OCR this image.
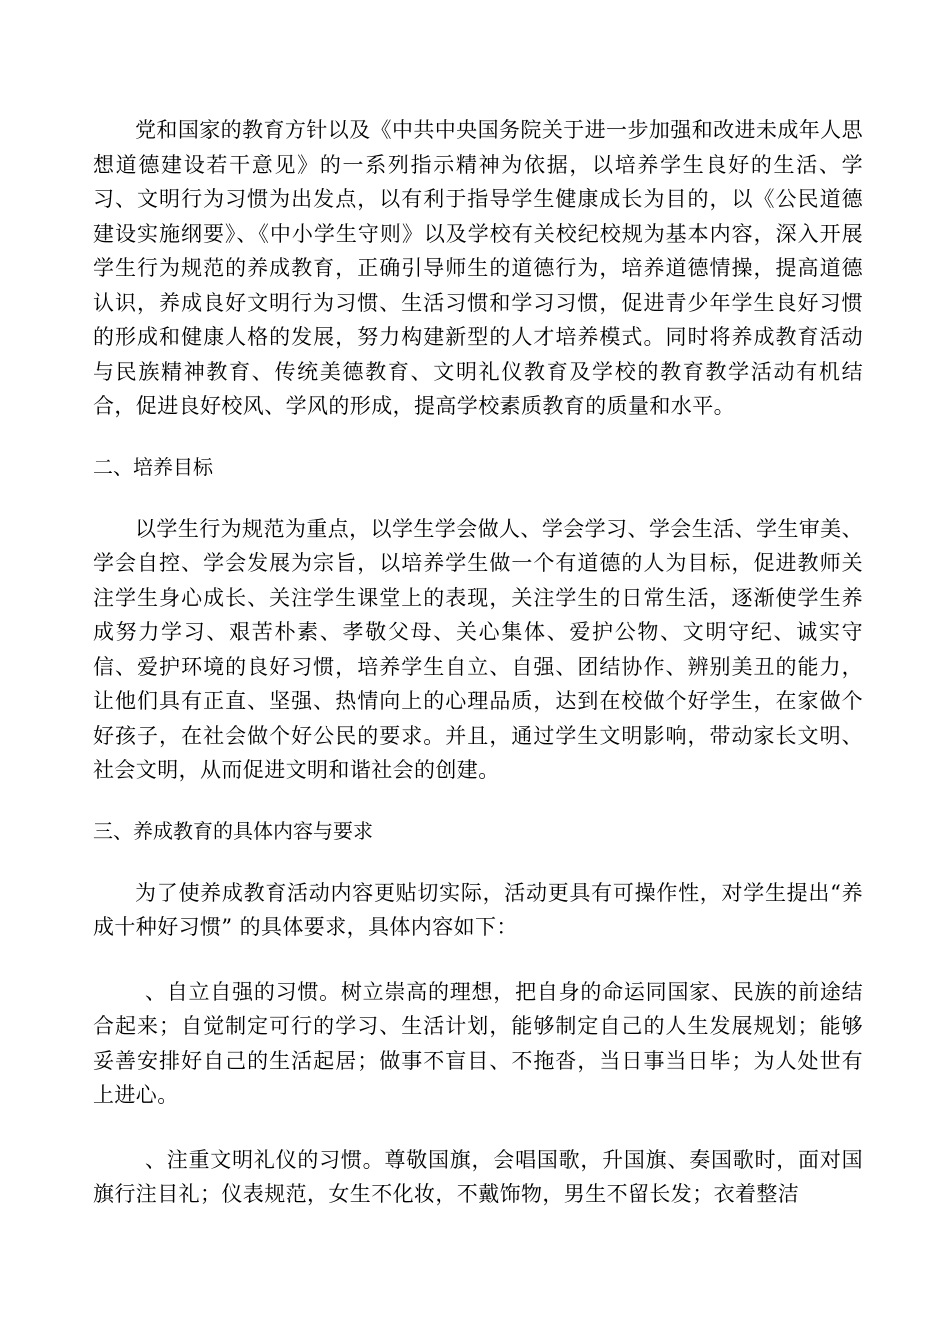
党和国家的教育方针以及《中共中央国务院关于进一步加强和改进未成年人思想道德建设若干意见》的一系列指示精神为依据，以培养学生良好的生活、学习、文明行为习惯为出发点，以有利于指导学生健康成长为目的，以《公民道德建设实施纲要》、《中小学生守则》以及学校有关校纪校规为基本内容，深入开展学生行为规范的养成教育，正确引导师生的道德行为，培养道德情操，提高道德认识，养成良好文明行为习惯、生活习惯和学习习惯，促进青少年学生良好习惯的形成和健康人格的发展，努力构建新型的人才培养模式。同时将养成教育活动与民族精神教育、传统美德教育、文明礼仪教育及学校的教育教学活动有机结合，促进良好校风、学风的形成，提高学校素质教育的质量和水平。

二、培养目标

以学生行为规范为重点，以学生学会做人、学会学习、学会生活、学生审美、学会自控、学会发展为宗旨，以培养学生做一个有道德的人为目标，促进教师关注学生身心成长、关注学生课堂上的表现，关注学生的日常生活，逐渐使学生养成努力学习、艰苦朴素、孝敬父母、关心集体、爱护公物、文明守纪、诚实守信、爱护环境的良好习惯，培养学生自立、自强、团结协作、辨别美丑的能力，让他们具有正直、坚强、热情向上的心理品质，达到在校做个好学生，在家做个好孩子，在社会做个好公民的要求。并且，通过学生文明影响，带动家长文明、社会文明，从而促进文明和谐社会的创建。

三、养成教育的具体内容与要求

为了使养成教育活动内容更贴切实际，活动更具有可操作性，对学生提出“养成十种好习惯” 的具体要求，具体内容如下：

、自立自强的习惯。树立崇高的理想，把自身的命运同国家、民族的前途结合起来；自觉制定可行的学习、生活计划，能够制定自己的人生发展规划；能够妥善安排好自己的生活起居；做事不盲目、不拖沓，当日事当日毕；为人处世有上进心。

、注重文明礼仪的习惯。尊敬国旗，会唱国歌，升国旗、奏国歌时，面对国旗行注目礼；仪表规范，女生不化妆，不戴饰物，男生不留长发；衣着整洁
